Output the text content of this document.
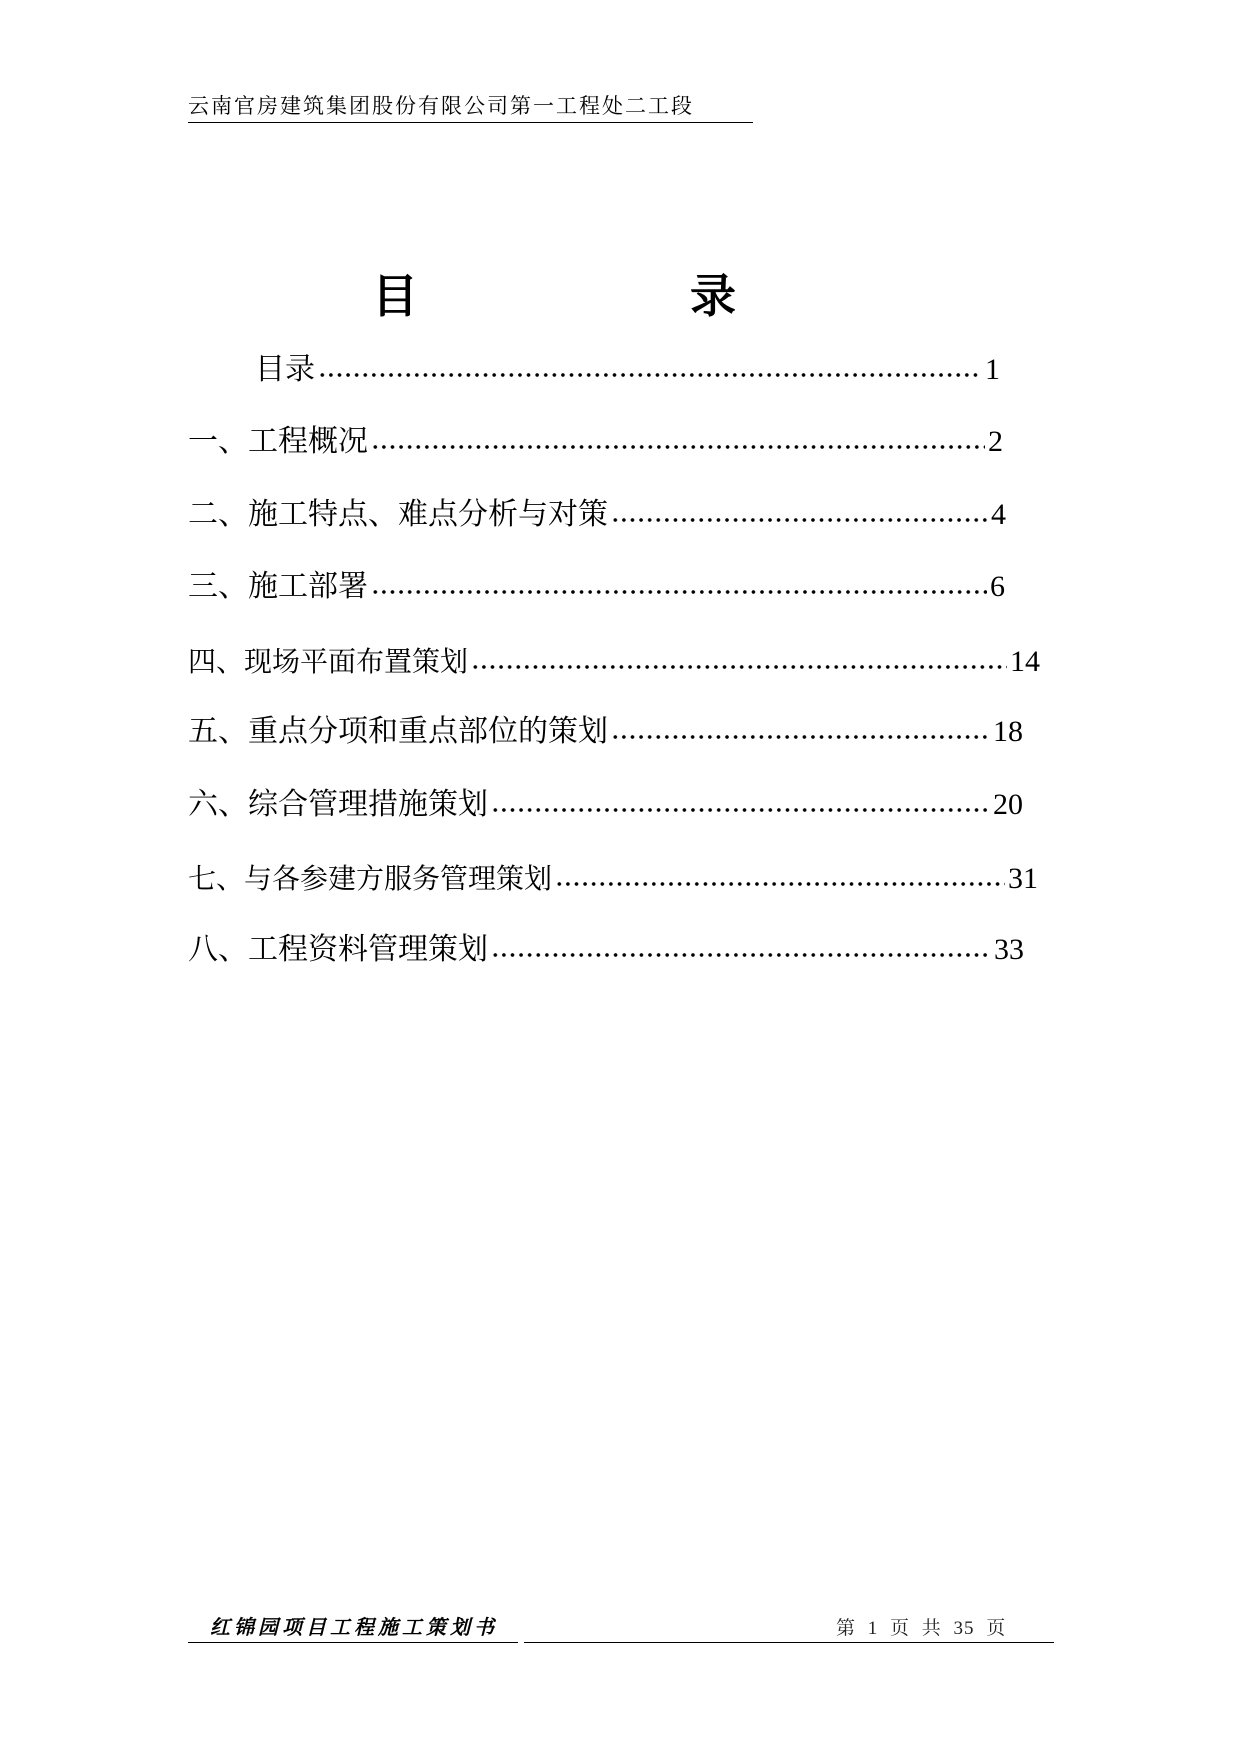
云南官房建筑集团股份有限公司第一工程处二工段
目	录
目录	1
一、工程概况	2
二、施工特点、难点分析与对策	4
三、施工部署	6
四、现场平面布置策划	14
五、重点分项和重点部位的策划	18
六、综合管理措施策划	20
七、与各参建方服务管理策划	31
八、工程资料管理策划	33
红锦园项目工程施工策划书	第 1 页 共 35 页
